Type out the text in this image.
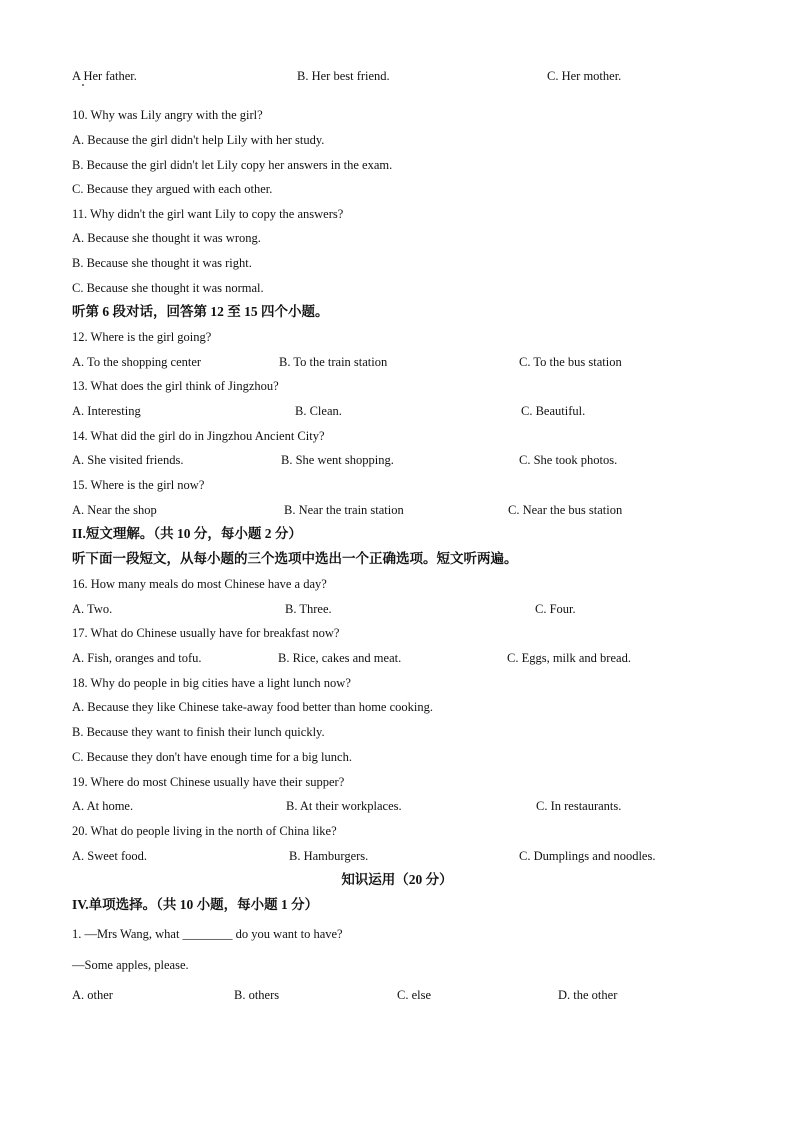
A Her father.	B. Her best friend.	C. Her mother.
10. Why was Lily angry with the girl?
A. Because the girl didn't help Lily with her study.
B. Because the girl didn't let Lily copy her answers in the exam.
C. Because they argued with each other.
11. Why didn't the girl want Lily to copy the answers?
A. Because she thought it was wrong.
B. Because she thought it was right.
C. Because she thought it was normal.
听第 6 段对话，回答第 12 至 15 四个小题。
12. Where is the girl going?
A. To the shopping center	B. To the train station	C. To the bus station
13. What does the girl think of Jingzhou?
A. Interesting	B. Clean.	C. Beautiful.
14. What did the girl do in Jingzhou Ancient City?
A. She visited friends.	B. She went shopping.	C. She took photos.
15. Where is the girl now?
A. Near the shop	B. Near the train station	C. Near the bus station
II.短文理解。（共 10 分，每小题 2 分）
听下面一段短文，从每小题的三个选项中选出一个正确选项。短文听两遍。
16. How many meals do most Chinese have a day?
A. Two.	B. Three.	C. Four.
17. What do Chinese usually have for breakfast now?
A. Fish, oranges and tofu.	B. Rice, cakes and meat.	C. Eggs, milk and bread.
18. Why do people in big cities have a light lunch now?
A. Because they like Chinese take-away food better than home cooking.
B. Because they want to finish their lunch quickly.
C. Because they don't have enough time for a big lunch.
19. Where do most Chinese usually have their supper?
A. At home.	B. At their workplaces.	C. In restaurants.
20. What do people living in the north of China like?
A. Sweet food.	B. Hamburgers.	C. Dumplings and noodles.
知识运用（20 分）
IV.单项选择。（共 10 小题，每小题 1 分）
1. —Mrs Wang, what ________ do you want to have?
—Some apples, please.
A. other	B. others	C. else	D. the other
